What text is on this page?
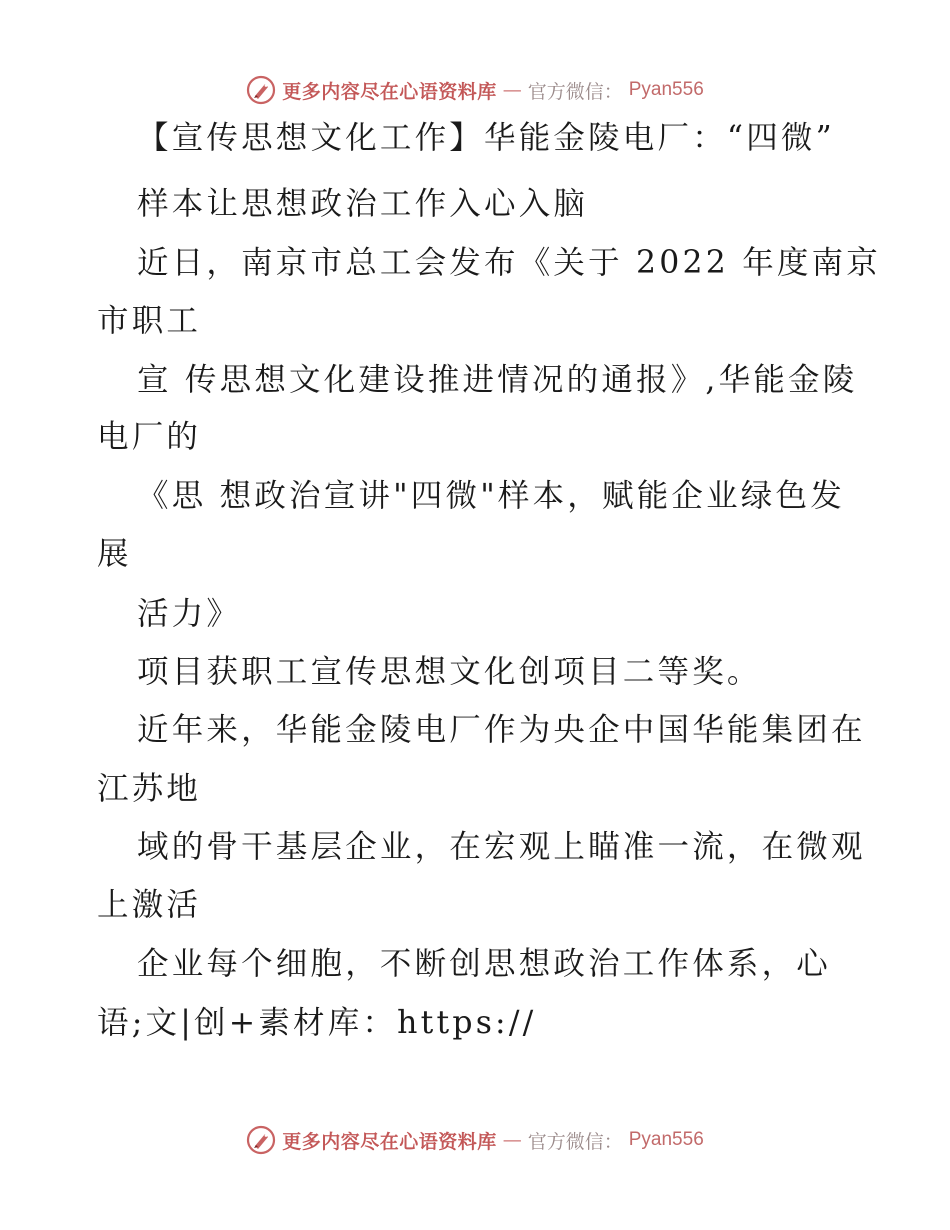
更多内容尽在心语资料库 — 官方微信： Pyan556
【宣传思想文化工作】华能金陵电厂：“四微”
样本让思想政治工作入心入脑
近日，南京市总工会发布《关于 2022 年度南京
市职工
宣 传思想文化建设推进情况的通报》,华能金陵
电厂的
《思 想政治宣讲"四微"样本，赋能企业绿色发
展
活力》
项目获职工宣传思想文化创项目二等奖。
近年来，华能金陵电厂作为央企中国华能集团在
江苏地
域的骨干基层企业，在宏观上瞄准一流，在微观
上激活
企业每个细胞，不断创思想政治工作体系，心
语;文|创+素材库：https://
更多内容尽在心语资料库 — 官方微信： Pyan556
